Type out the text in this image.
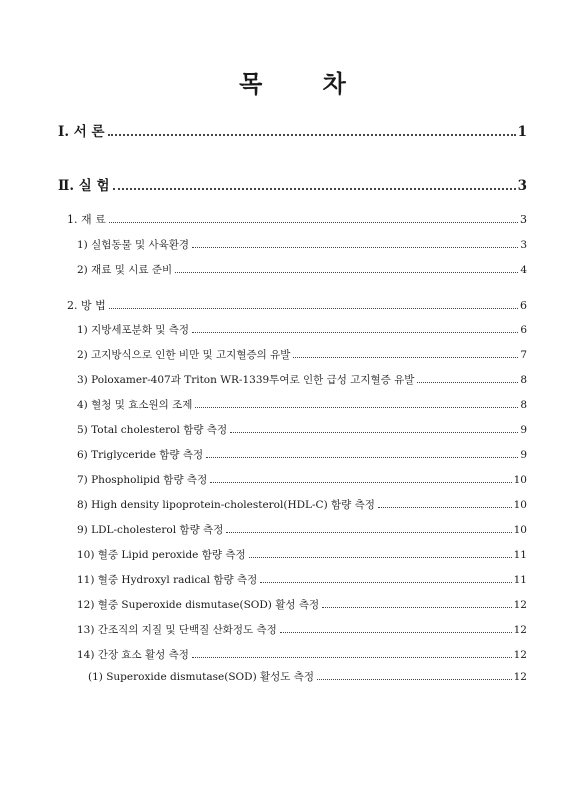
목 차
Ⅰ. 서 론	1
Ⅱ. 실 험	3
1. 재 료	3
1) 실험동물 및 사육환경	3
2) 재료 및 시료 준비	4
2. 방 법	6
1) 지방세포분화 및 측정	6
2) 고지방식으로 인한 비만 및 고지혈증의 유발	7
3) Poloxamer-407과 Triton WR-1339투여로 인한 급성 고지혈증 유발	8
4) 혈청 및 효소원의 조제	8
5) Total cholesterol 함량 측정	9
6) Triglyceride 함량 측정	9
7) Phospholipid 함량 측정	10
8) High density lipoprotein-cholesterol(HDL-C) 함량 측정	10
9) LDL-cholesterol 함량 측정	10
10) 혈중 Lipid peroxide 함량 측정	11
11) 혈중 Hydroxyl radical 함량 측정	11
12) 혈중 Superoxide dismutase(SOD) 활성 측정	12
13) 간조직의 지질 및 단백질 산화정도 측정	12
14) 간장 효소 활성 측정	12
(1) Superoxide dismutase(SOD) 활성도 측정	12
